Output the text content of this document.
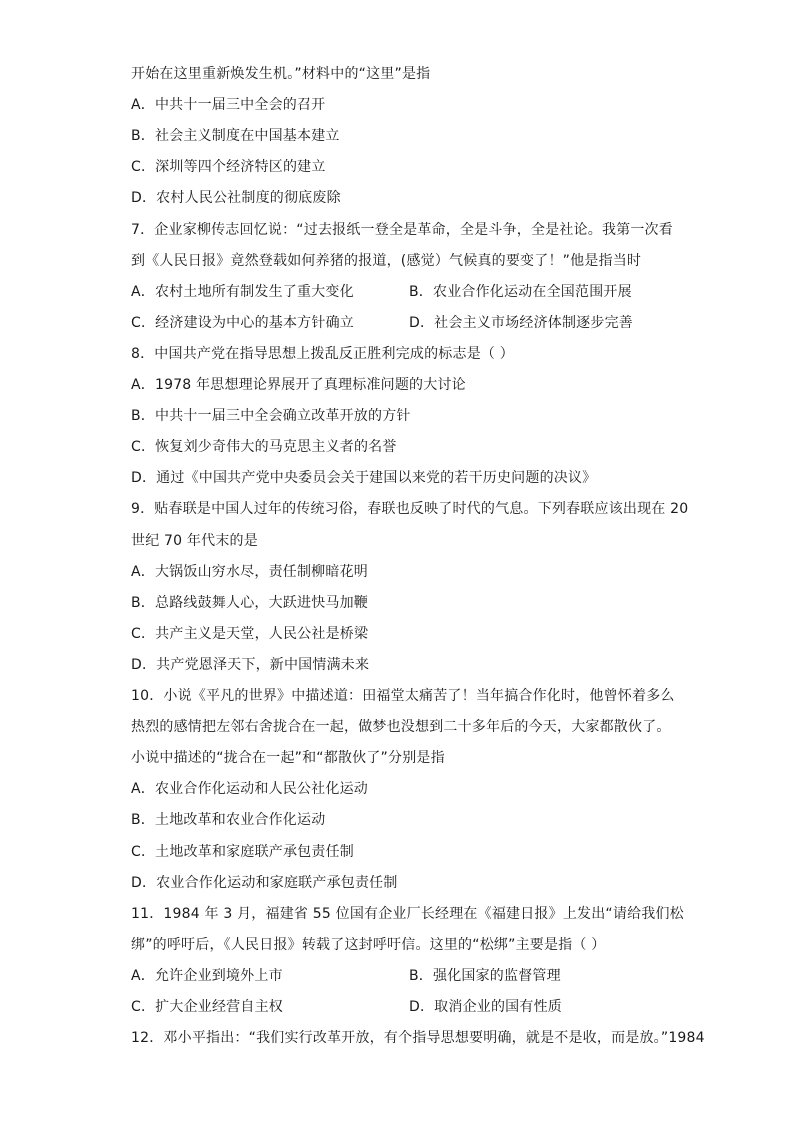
开始在这里重新焕发生机。”材料中的“这里”是指
A．中共十一届三中全会的召开
B．社会主义制度在中国基本建立
C．深圳等四个经济特区的建立
D．农村人民公社制度的彻底废除
7．企业家柳传志回忆说：“过去报纸一登全是革命，全是斗争，全是社论。我第一次看
到《人民日报》竟然登载如何养猪的报道，(感觉）气候真的要变了！”他是指当时
A．农村土地所有制发生了重大变化	B．农业合作化运动在全国范围开展
C．经济建设为中心的基本方针确立	D．社会主义市场经济体制逐步完善
8．中国共产党在指导思想上拨乱反正胜利完成的标志是（ ）
A．1978 年思想理论界展开了真理标准问题的大讨论
B．中共十一届三中全会确立改革开放的方针
C．恢复刘少奇伟大的马克思主义者的名誉
D．通过《中国共产党中央委员会关于建国以来党的若干历史问题的决议》
9．贴春联是中国人过年的传统习俗，春联也反映了时代的气息。下列春联应该出现在 20
世纪 70 年代末的是
A．大锅饭山穷水尽，责任制柳暗花明
B．总路线鼓舞人心，大跃进快马加鞭
C．共产主义是天堂，人民公社是桥梁
D．共产党恩泽天下，新中国情满未来
10．小说《平凡的世界》中描述道：田福堂太痛苦了！当年搞合作化时，他曾怀着多么
热烈的感情把左邻右舍拢合在一起，做梦也没想到二十多年后的今天，大家都散伙了。
小说中描述的“拢合在一起”和“都散伙了”分别是指
A．农业合作化运动和人民公社化运动
B．土地改革和农业合作化运动
C．土地改革和家庭联产承包责任制
D．农业合作化运动和家庭联产承包责任制
11．1984 年 3 月，福建省 55 位国有企业厂长经理在《福建日报》上发出“请给我们松
绑”的呼吁后，《人民日报》转载了这封呼吁信。这里的“松绑”主要是指（ ）
A．允许企业到境外上市	B．强化国家的监督管理
C．扩大企业经营自主权	D．取消企业的国有性质
12．邓小平指出：“我们实行改革开放，有个指导思想要明确，就是不是收，而是放。”1984
